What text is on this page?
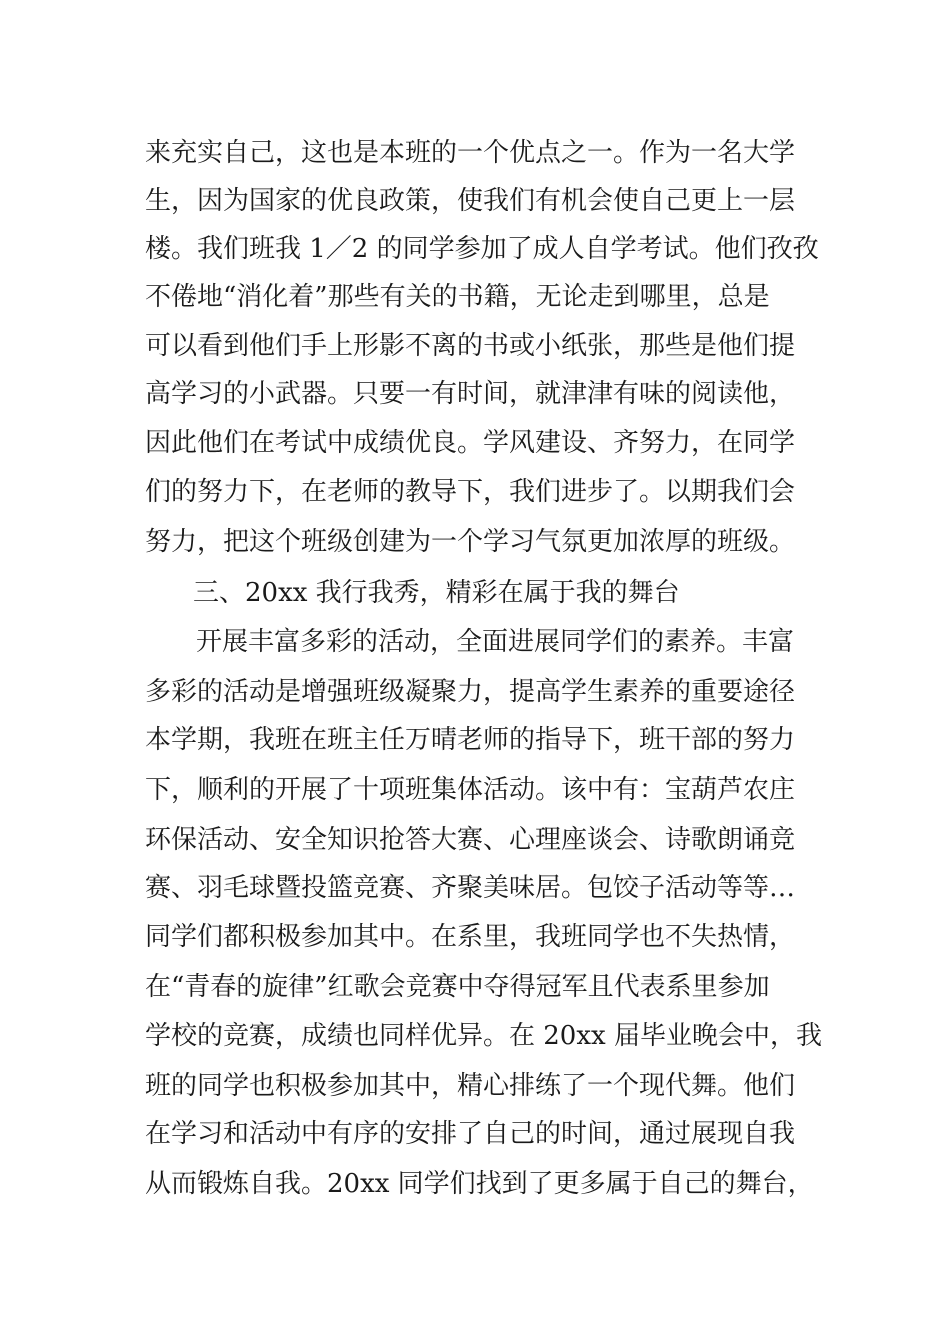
来充实自己，这也是本班的一个优点之一。作为一名大学
生，因为国家的优良政策，使我们有机会使自己更上一层
楼。我们班我 1／2 的同学参加了成人自学考试。他们孜孜
不倦地“消化着”那些有关的书籍，无论走到哪里，总是
可以看到他们手上形影不离的书或小纸张，那些是他们提
高学习的小武器。只要一有时间，就津津有味的阅读他，
因此他们在考试中成绩优良。学风建设、齐努力，在同学
们的努力下，在老师的教导下，我们进步了。以期我们会
努力，把这个班级创建为一个学习气氛更加浓厚的班级。
三、20xx 我行我秀，精彩在属于我的舞台
开展丰富多彩的活动，全面进展同学们的素养。丰富
多彩的活动是增强班级凝聚力，提高学生素养的重要途径
本学期，我班在班主任万晴老师的指导下，班干部的努力
下，顺利的开展了十项班集体活动。该中有：宝葫芦农庄
环保活动、安全知识抢答大赛、心理座谈会、诗歌朗诵竞
赛、羽毛球暨投篮竞赛、齐聚美味居。包饺子活动等等…
同学们都积极参加其中。在系里，我班同学也不失热情，
在“青春的旋律”红歌会竞赛中夺得冠军且代表系里参加
学校的竞赛，成绩也同样优异。在 20xx 届毕业晚会中，我
班的同学也积极参加其中，精心排练了一个现代舞。他们
在学习和活动中有序的安排了自己的时间，通过展现自我
从而锻炼自我。20xx 同学们找到了更多属于自己的舞台，
